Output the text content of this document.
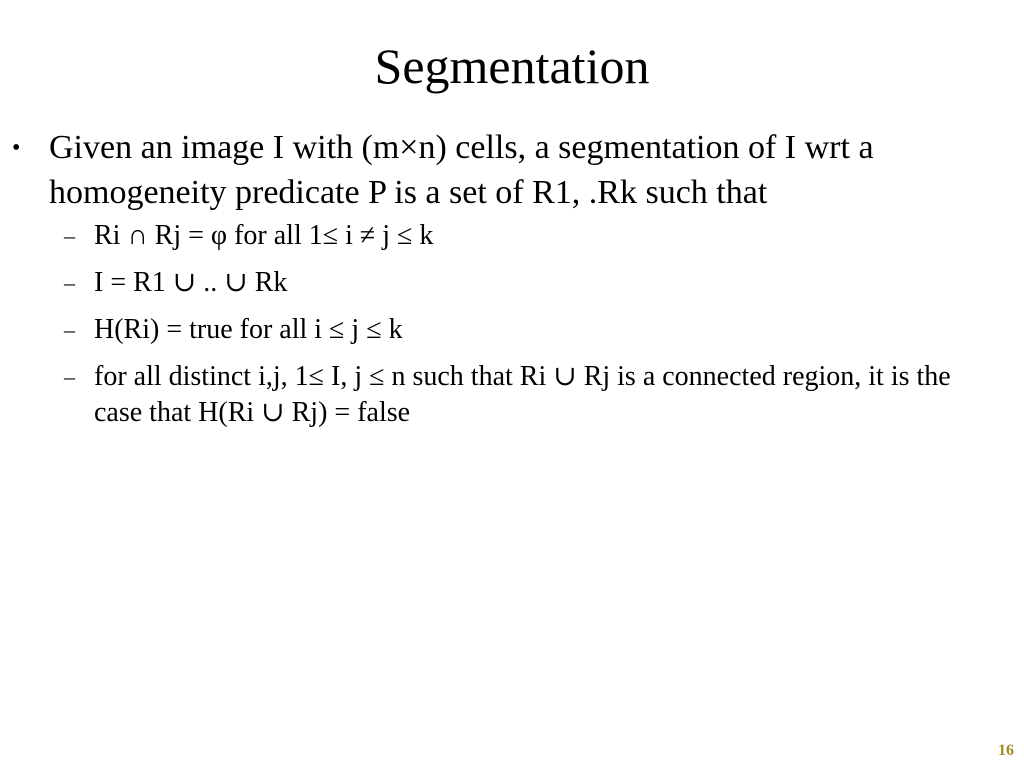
Segmentation
• Given an image I with (m×n) cells, a segmentation of I wrt a homogeneity predicate P is a set of R1, .Rk such that
– Ri ∩ Rj = φ for all 1≤ i ≠ j ≤ k
– I = R1 ∪ .. ∪ Rk
– H(Ri) = true for all i ≤ j ≤ k
– for all distinct i,j, 1≤ I, j ≤ n such that Ri ∪ Rj is a connected region, it is the case that H(Ri ∪ Rj) = false
16
